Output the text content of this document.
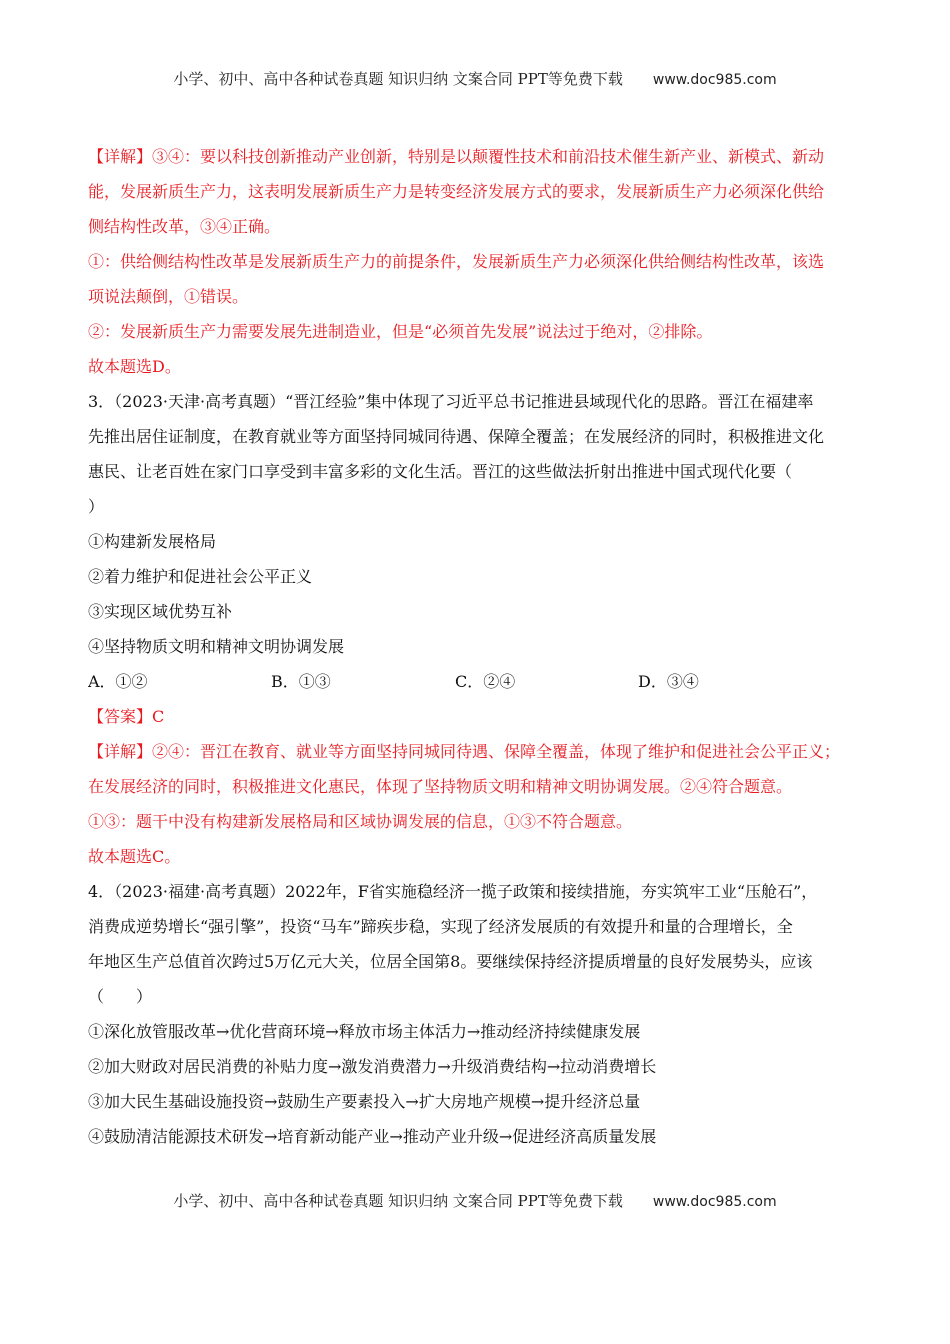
小学、初中、高中各种试卷真题 知识归纳 文案合同 PPT等免费下载 www.doc985.com
【详解】③④：要以科技创新推动产业创新，特别是以颠覆性技术和前沿技术催生新产业、新模式、新动
能，发展新质生产力，这表明发展新质生产力是转变经济发展方式的要求，发展新质生产力必须深化供给
侧结构性改革，③④正确。
①：供给侧结构性改革是发展新质生产力的前提条件，发展新质生产力必须深化供给侧结构性改革，该选
项说法颠倒，①错误。
②：发展新质生产力需要发展先进制造业，但是“必须首先发展”说法过于绝对，②排除。
故本题选D。
3．（2023·天津·高考真题）“晋江经验”集中体现了习近平总书记推进县域现代化的思路。晋江在福建率
先推出居住证制度，在教育就业等方面坚持同城同待遇、保障全覆盖；在发展经济的同时，积极推进文化
惠民、让老百姓在家门口享受到丰富多彩的文化生活。晋江的这些做法折射出推进中国式现代化要（
）
①构建新发展格局
②着力维护和促进社会公平正义
③实现区域优势互补
④坚持物质文明和精神文明协调发展
A．①②	B．①③	C．②④	D．③④
【答案】C
【详解】②④：晋江在教育、就业等方面坚持同城同待遇、保障全覆盖，体现了维护和促进社会公平正义；
在发展经济的同时，积极推进文化惠民，体现了坚持物质文明和精神文明协调发展。②④符合题意。
①③：题干中没有构建新发展格局和区域协调发展的信息，①③不符合题意。
故本题选C。
4．（2023·福建·高考真题）2022年，F省实施稳经济一揽子政策和接续措施，夯实筑牢工业“压舱石”，
消费成逆势增长“强引擎”，投资“马车”蹄疾步稳，实现了经济发展质的有效提升和量的合理增长，全
年地区生产总值首次跨过5万亿元大关，位居全国第8。要继续保持经济提质增量的良好发展势头，应该
（　　）
①深化放管服改革→优化营商环境→释放市场主体活力→推动经济持续健康发展
②加大财政对居民消费的补贴力度→激发消费潜力→升级消费结构→拉动消费增长
③加大民生基础设施投资→鼓励生产要素投入→扩大房地产规模→提升经济总量
④鼓励清洁能源技术研发→培育新动能产业→推动产业升级→促进经济高质量发展
小学、初中、高中各种试卷真题 知识归纳 文案合同 PPT等免费下载 www.doc985.com
